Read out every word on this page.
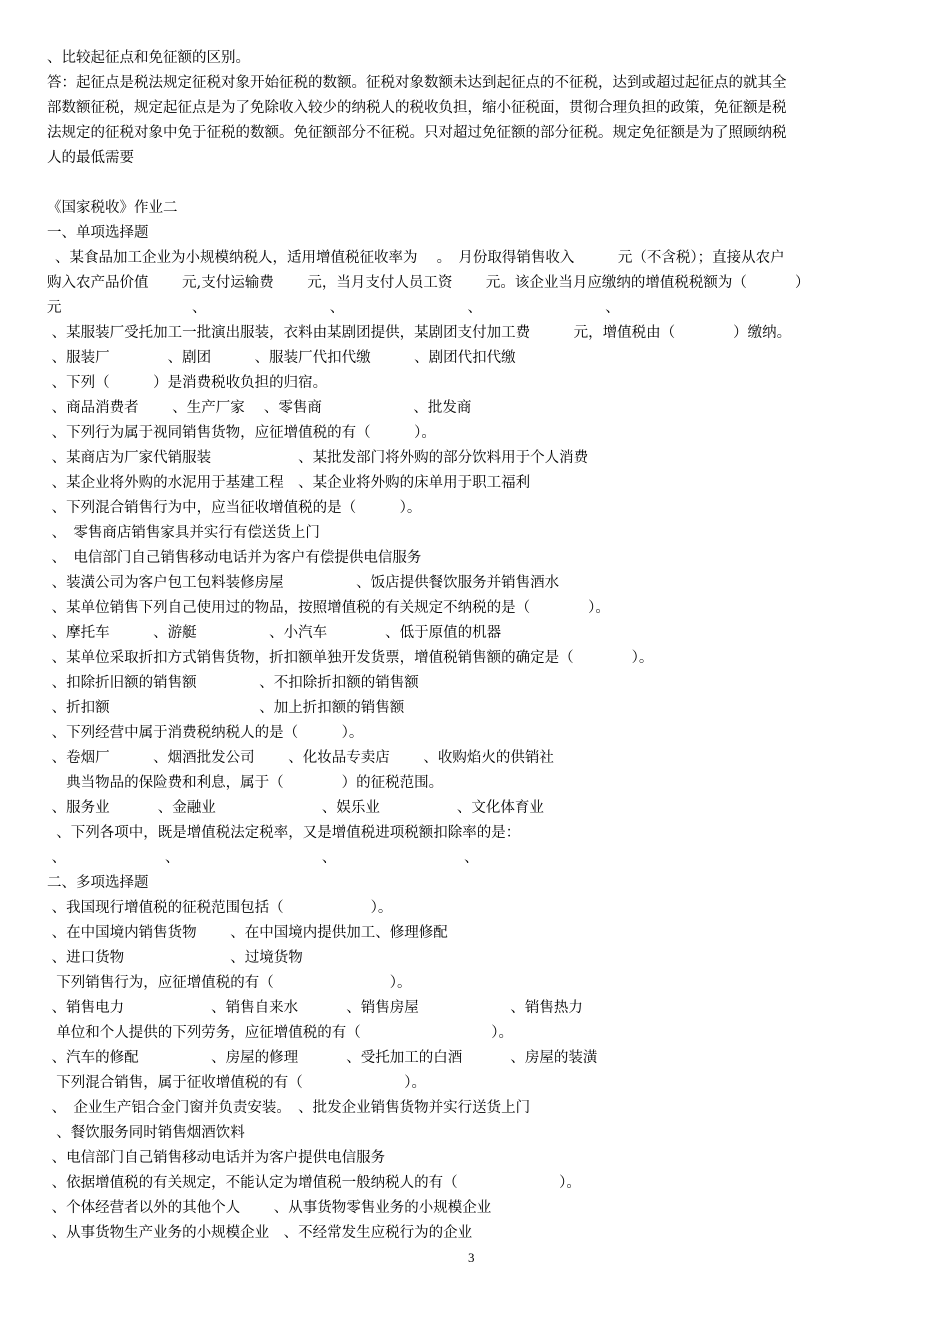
、比较起征点和免征额的区别。
答：起征点是税法规定征税对象开始征税的数额。征税对象数额未达到起征点的不征税，达到或超过起征点的就其全
部数额征税，规定起征点是为了免除收入较少的纳税人的税收负担，缩小征税面，贯彻合理负担的政策，免征额是税
法规定的征税对象中免于征税的数额。免征额部分不征税。只对超过免征额的部分征税。规定免征额是为了照顾纳税
人的最低需要
《国家税收》作业二
一、单项选择题
、某食品加工企业为小规模纳税人，适用增值税征收率为　 。　月份取得销售收入　　　元（不含税）；直接从农户
购入农产品价值　　 元,支付运输费　　 元，当月支付人员工资　　 元。该企业当月应缴纳的增值税税额为（　　　 ）
元　　　　　　　　　、　　　　　　　　　、　　　　　　　　　、　　　　　　　　　、
、某服装厂受托加工一批演出服装，衣料由某剧团提供，某剧团支付加工费　　　元，增值税由（　　　　）缴纳。
、服装厂　　　　、剧团　　　、服装厂代扣代缴　　　、剧团代扣代缴
、下列（　　　）是消费税收负担的归宿。
、商品消费者　　 、生产厂家　 、零售商　　　　　　 、批发商
、下列行为属于视同销售货物，应征增值税的有（　　　）。
、某商店为厂家代销服装　　　　　　、某批发部门将外购的部分饮料用于个人消费
、某企业将外购的水泥用于基建工程　、某企业将外购的床单用于职工福利
、下列混合销售行为中，应当征收增值税的是（　　　）。
、　零售商店销售家具并实行有偿送货上门
、　电信部门自己销售移动电话并为客户有偿提供电信服务
、装潢公司为客户包工包料装修房屋　　　　　、饭店提供餐饮服务并销售酒水
、某单位销售下列自己使用过的物品，按照增值税的有关规定不纳税的是（　　　　）。
、摩托车　　　、游艇　　　　　、小汽车　　　　、低于原值的机器
、某单位采取折扣方式销售货物，折扣额单独开发货票，增值税销售额的确定是（　　　　）。
、扣除折旧额的销售额　　　　 、不扣除折扣额的销售额
、折扣额　　　　　　　　　　 、加上折扣额的销售额
、下列经营中属于消费税纳税人的是（　　　）。
、卷烟厂　　　、烟酒批发公司　　 、化妆品专卖店　　 、收购焰火的供销社
　典当物品的保险费和利息，属于（　　　　）的征税范围。
、服务业　　　 、金融业　　　　　　　 、娱乐业　　　　　 、文化体育业
、下列各项中，既是增值税法定税率，又是增值税进项税额扣除率的是：
、　　　　　　　 、　　　　　　　　　　 、　　　　　　　　　 、
二、多项选择题
、我国现行增值税的征税范围包括（　　　　　　）。
、在中国境内销售货物　　 、在中国境内提供加工、修理修配
、进口货物　　　　　　　 、过境货物
下列销售行为，应征增值税的有（　　　　　　　　）。
、销售电力　　　　　　、销售自来水　　　 、销售房屋　　　　　　 、销售热力
单位和个人提供的下列劳务，应征增值税的有（　　　　　　　　　）。
、汽车的修配　　　　　、房屋的修理　　　 、受托加工的白酒　　　 、房屋的装潢
下列混合销售，属于征收增值税的有（　　　　　　　）。
、　企业生产铝合金门窗并负责安装。　、批发企业销售货物并实行送货上门
、餐饮服务同时销售烟酒饮料
、电信部门自己销售移动电话并为客户提供电信服务
、依据增值税的有关规定，不能认定为增值税一般纳税人的有（　　　　　　　）。
、个体经营者以外的其他个人　　 、从事货物零售业务的小规模企业
、从事货物生产业务的小规模企业　、不经常发生应税行为的企业
3
